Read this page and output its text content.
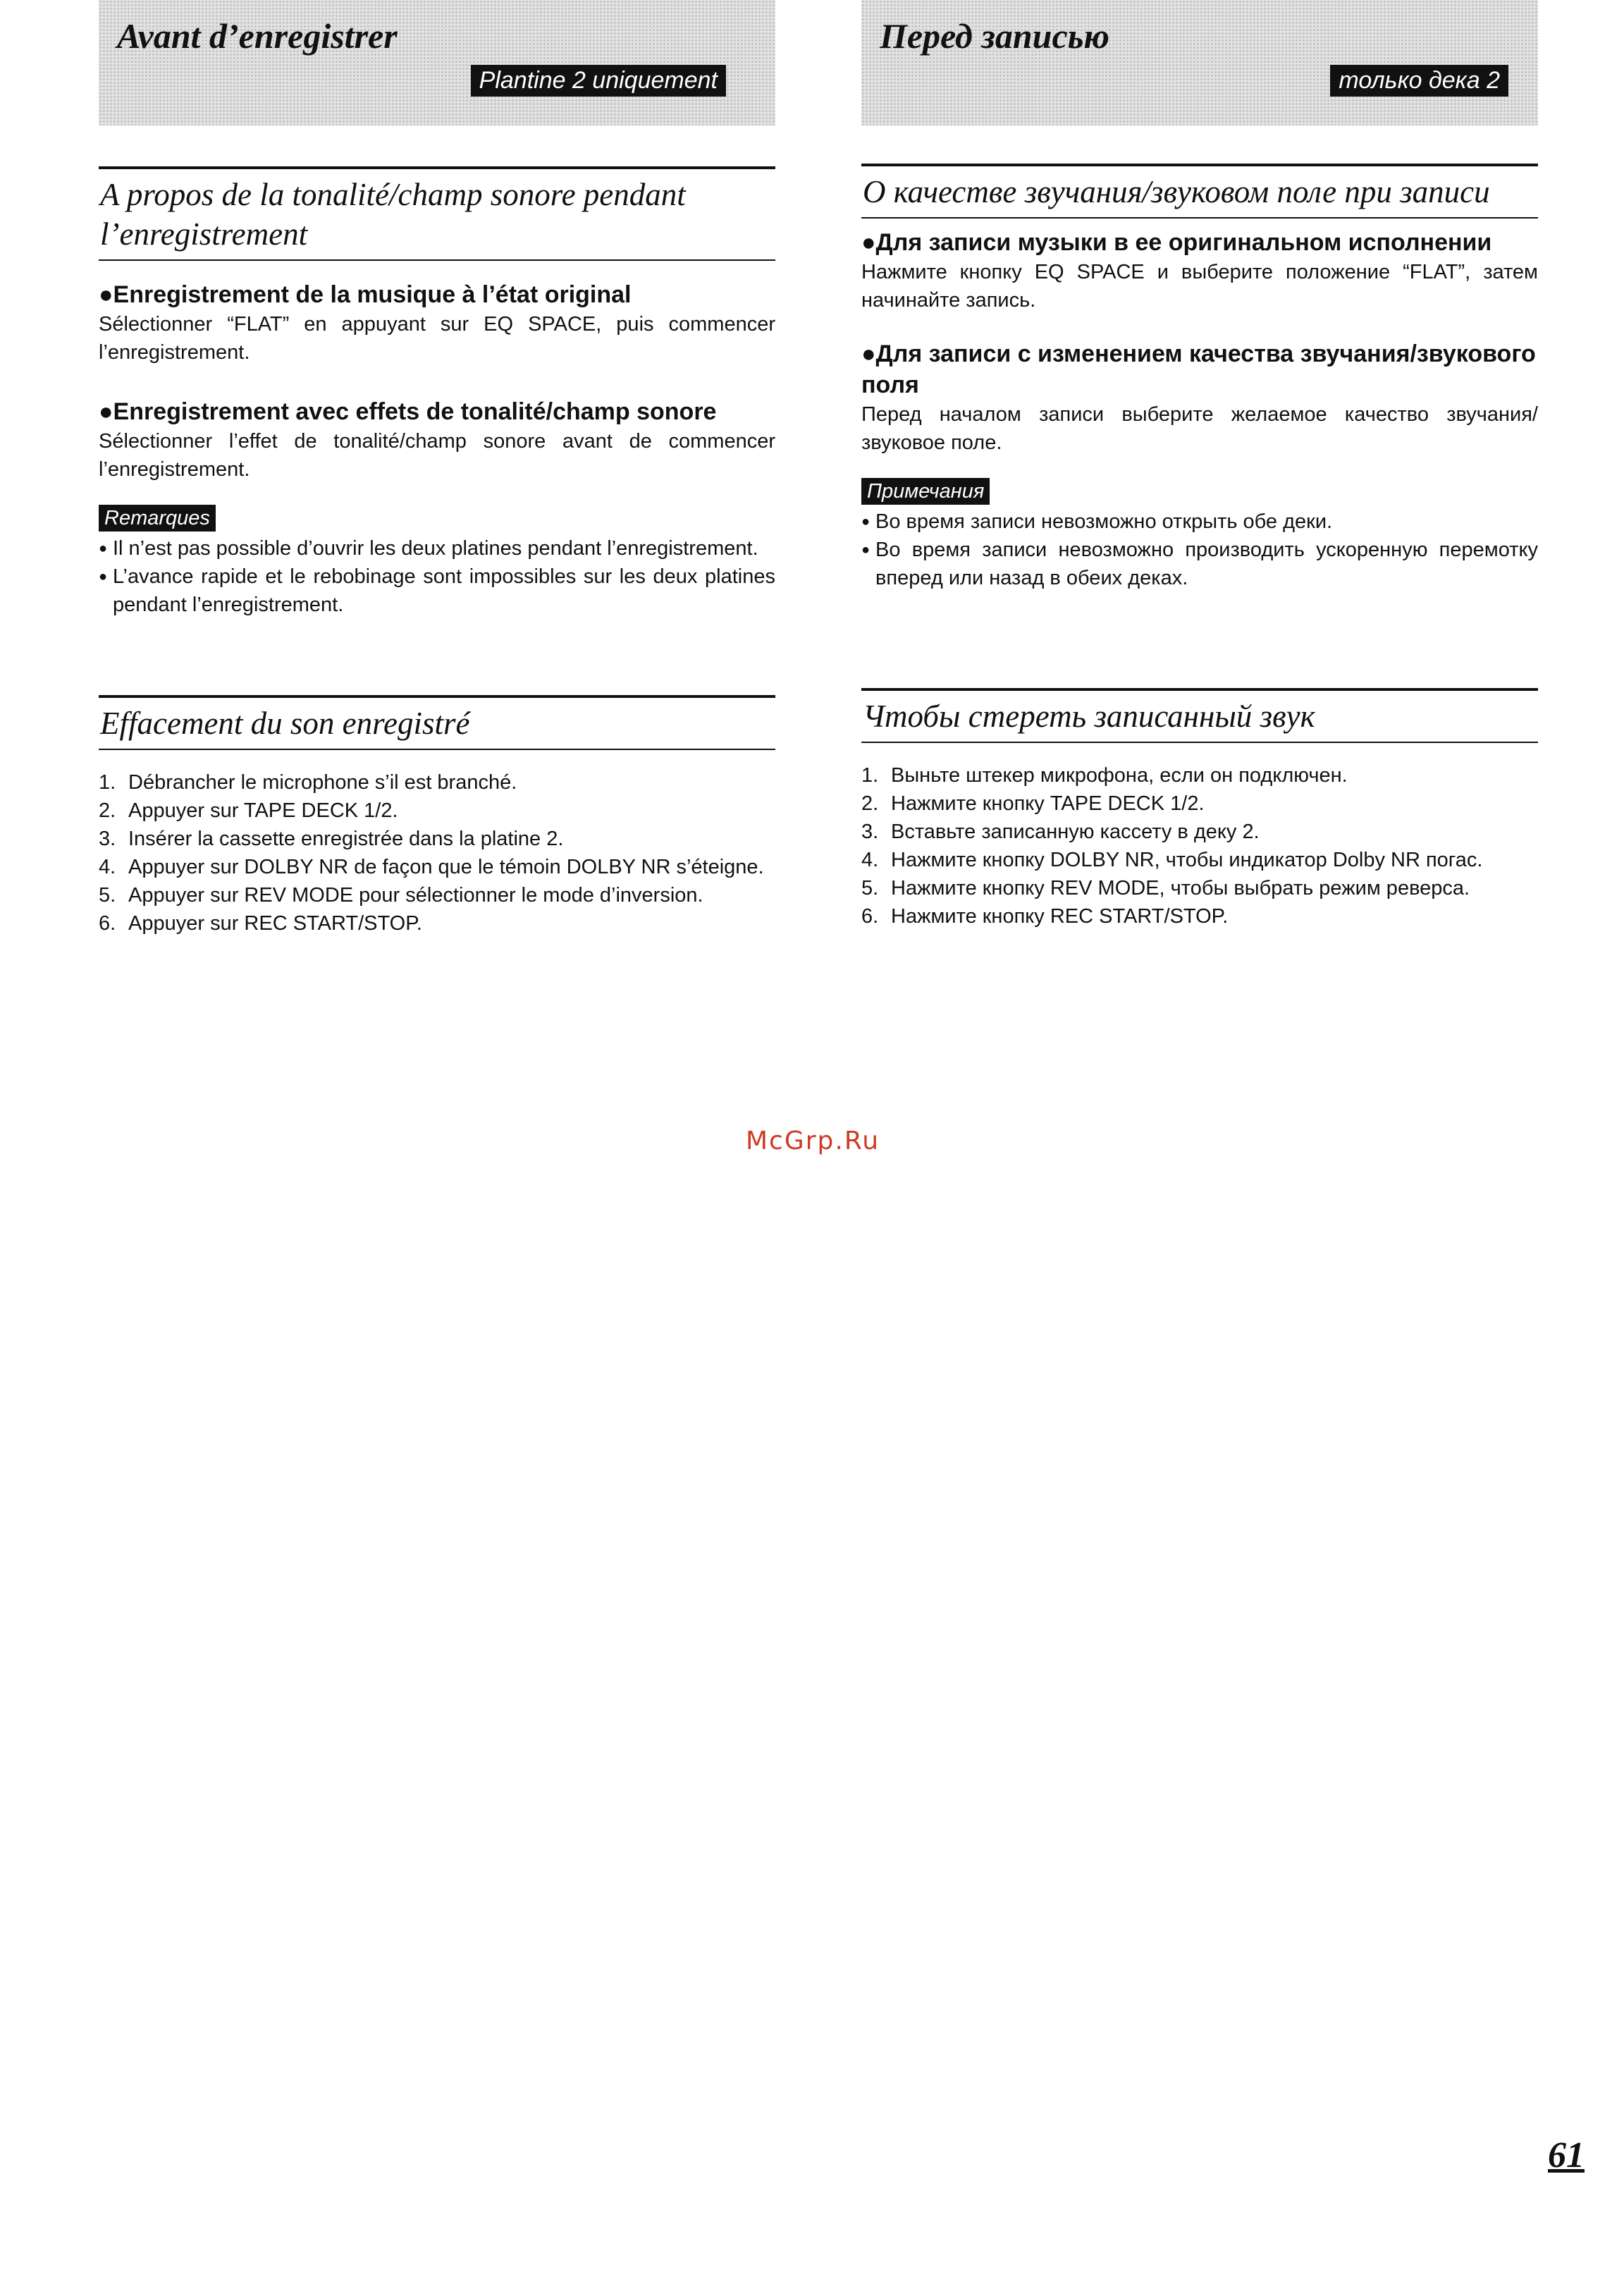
Avant d’enregistrer
Plantine 2 uniquement
A propos de la tonalité/champ sonore pendant l’enregistrement
●Enregistrement de la musique à l’état original
Sélectionner “FLAT” en appuyant sur EQ SPACE, puis commencer l’enregistrement.
●Enregistrement avec effets de tonalité/champ sonore
Sélectionner l’effet de tonalité/champ sonore avant de commencer l’enregistrement.
Remarques
● Il n’est pas possible d’ouvrir les deux platines pendant l’enregistrement.
● L’avance rapide et le rebobinage sont impossibles sur les deux platines pendant l’enregistrement.
Effacement du son enregistré
1. Débrancher le microphone s’il est branché.
2. Appuyer sur TAPE DECK 1/2.
3. Insérer la cassette enregistrée dans la platine 2.
4. Appuyer sur DOLBY NR de façon que le témoin DOLBY NR s’éteigne.
5. Appuyer sur REV MODE pour sélectionner le mode d’inversion.
6. Appuyer sur REC START/STOP.
Перед записью
только дека 2
О качестве звучания/звуковом поле при записи
●Для записи музыки в ее оригинальном исполнении
Нажмите кнопку EQ SPACE и выберите положение “FLAT”, затем начинайте запись.
●Для записи с изменением качества звучания/звукового поля
Перед началом записи выберите желаемое качество звучания/звуковое поле.
Примечания
● Во время записи невозможно открыть обе деки.
● Во время записи невозможно производить ускоренную перемотку вперед или назад в обеих деках.
Чтобы стереть записанный звук
1. Выньте штекер микрофона, если он подключен.
2. Нажмите кнопку TAPE DECK 1/2.
3. Вставьте записанную кассету в деку 2.
4. Нажмите кнопку DOLBY NR, чтобы индикатор Dolby NR погас.
5. Нажмите кнопку REV MODE, чтобы выбрать режим реверса.
6. Нажмите кнопку REC START/STOP.
McGrp.Ru
61
